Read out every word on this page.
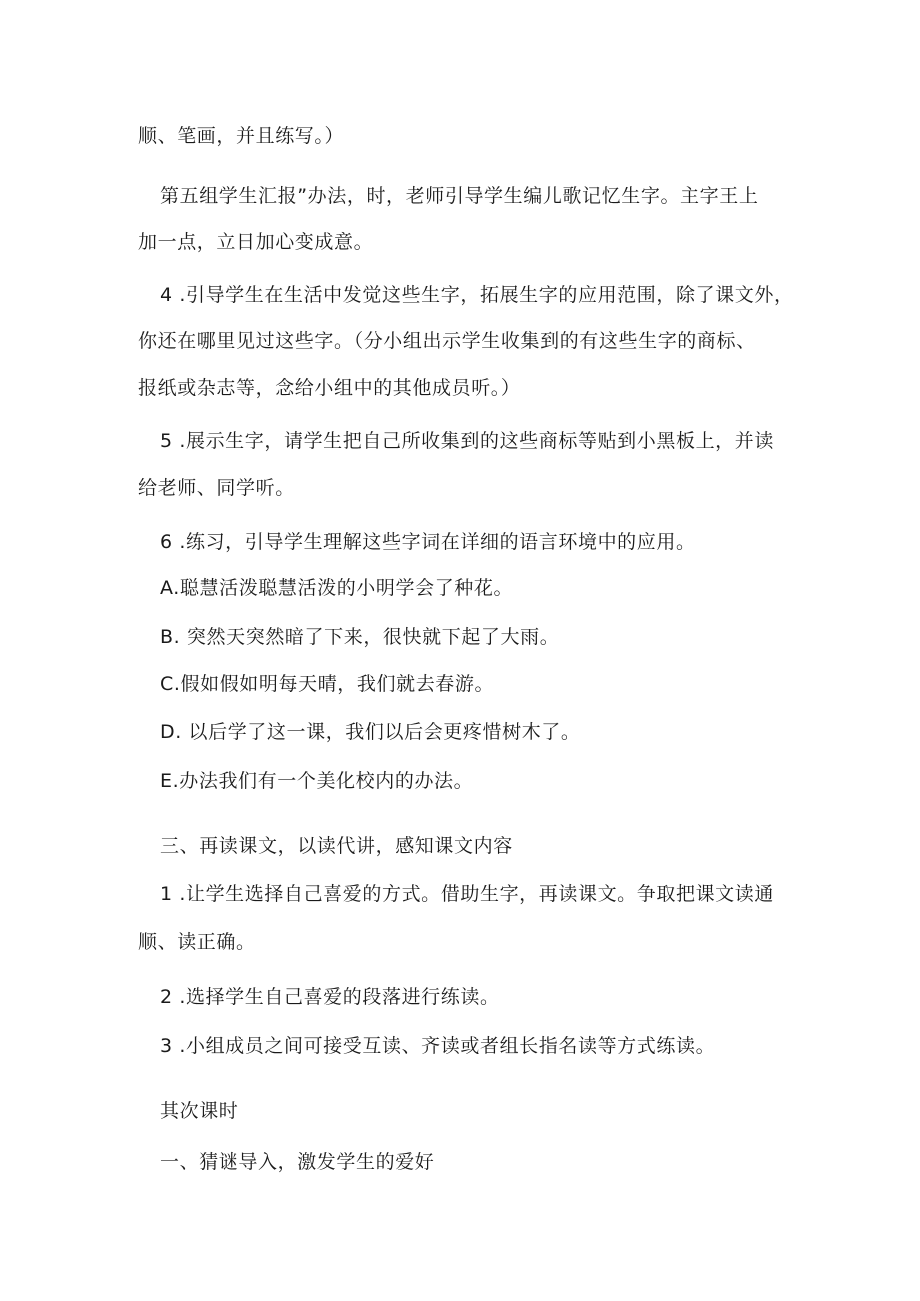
顺、笔画，并且练写。）
第五组学生汇报”办法，时，老师引导学生编儿歌记忆生字。主字王上
加一点，立日加心变成意。
4 .引导学生在生活中发觉这些生字，拓展生字的应用范围，除了课文外，
你还在哪里见过这些字。（分小组出示学生收集到的有这些生字的商标、
报纸或杂志等，念给小组中的其他成员听。）
5 .展示生字，请学生把自己所收集到的这些商标等贴到小黑板上，并读
给老师、同学听。
6 .练习，引导学生理解这些字词在详细的语言环境中的应用。
A.聪慧活泼聪慧活泼的小明学会了种花。
B. 突然天突然暗了下来，很快就下起了大雨。
C.假如假如明每天晴，我们就去春游。
D. 以后学了这一课，我们以后会更疼惜树木了。
E.办法我们有一个美化校内的办法。
三、再读课文，以读代讲，感知课文内容
1 .让学生选择自己喜爱的方式。借助生字，再读课文。争取把课文读通
顺、读正确。
2 .选择学生自己喜爱的段落进行练读。
3 .小组成员之间可接受互读、齐读或者组长指名读等方式练读。
其次课时
一、猜谜导入，激发学生的爱好
